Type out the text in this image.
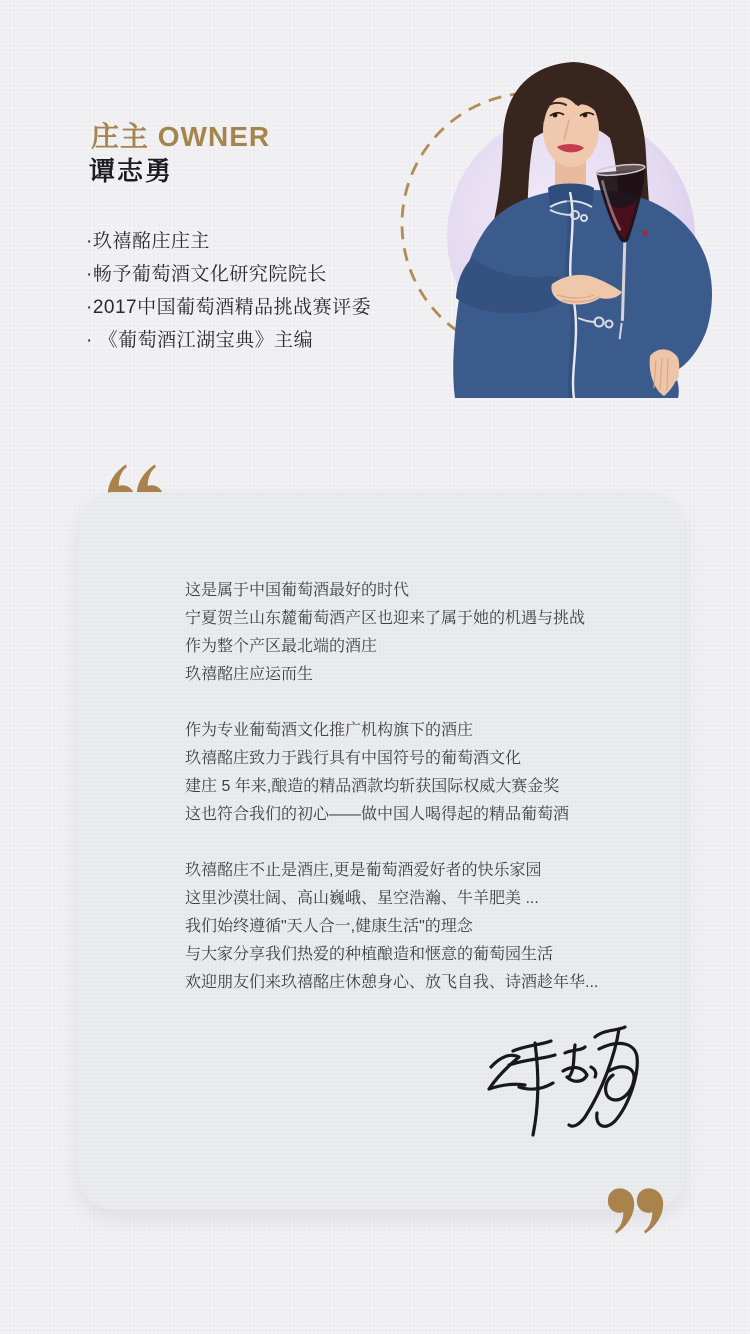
庄主 OWNER
谭志勇
·玖禧酩庄庄主
·畅予葡萄酒文化研究院院长
·2017中国葡萄酒精品挑战赛评委
· 《葡萄酒江湖宝典》主编
这是属于中国葡萄酒最好的时代
宁夏贺兰山东麓葡萄酒产区也迎来了属于她的机遇与挑战
作为整个产区最北端的酒庄
玖禧酩庄应运而生
作为专业葡萄酒文化推广机构旗下的酒庄
玖禧酩庄致力于践行具有中国符号的葡萄酒文化
建庄 5 年来,酿造的精品酒款均斩获国际权威大赛金奖
这也符合我们的初心——做中国人喝得起的精品葡萄酒
玖禧酩庄不止是酒庄,更是葡萄酒爱好者的快乐家园
这里沙漠壮阔、高山巍峨、星空浩瀚、牛羊肥美 ...
我们始终遵循"天人合一,健康生活"的理念
与大家分享我们热爱的种植酿造和惬意的葡萄园生活
欢迎朋友们来玖禧酩庄休憩身心、放飞自我、诗酒趁年华...
